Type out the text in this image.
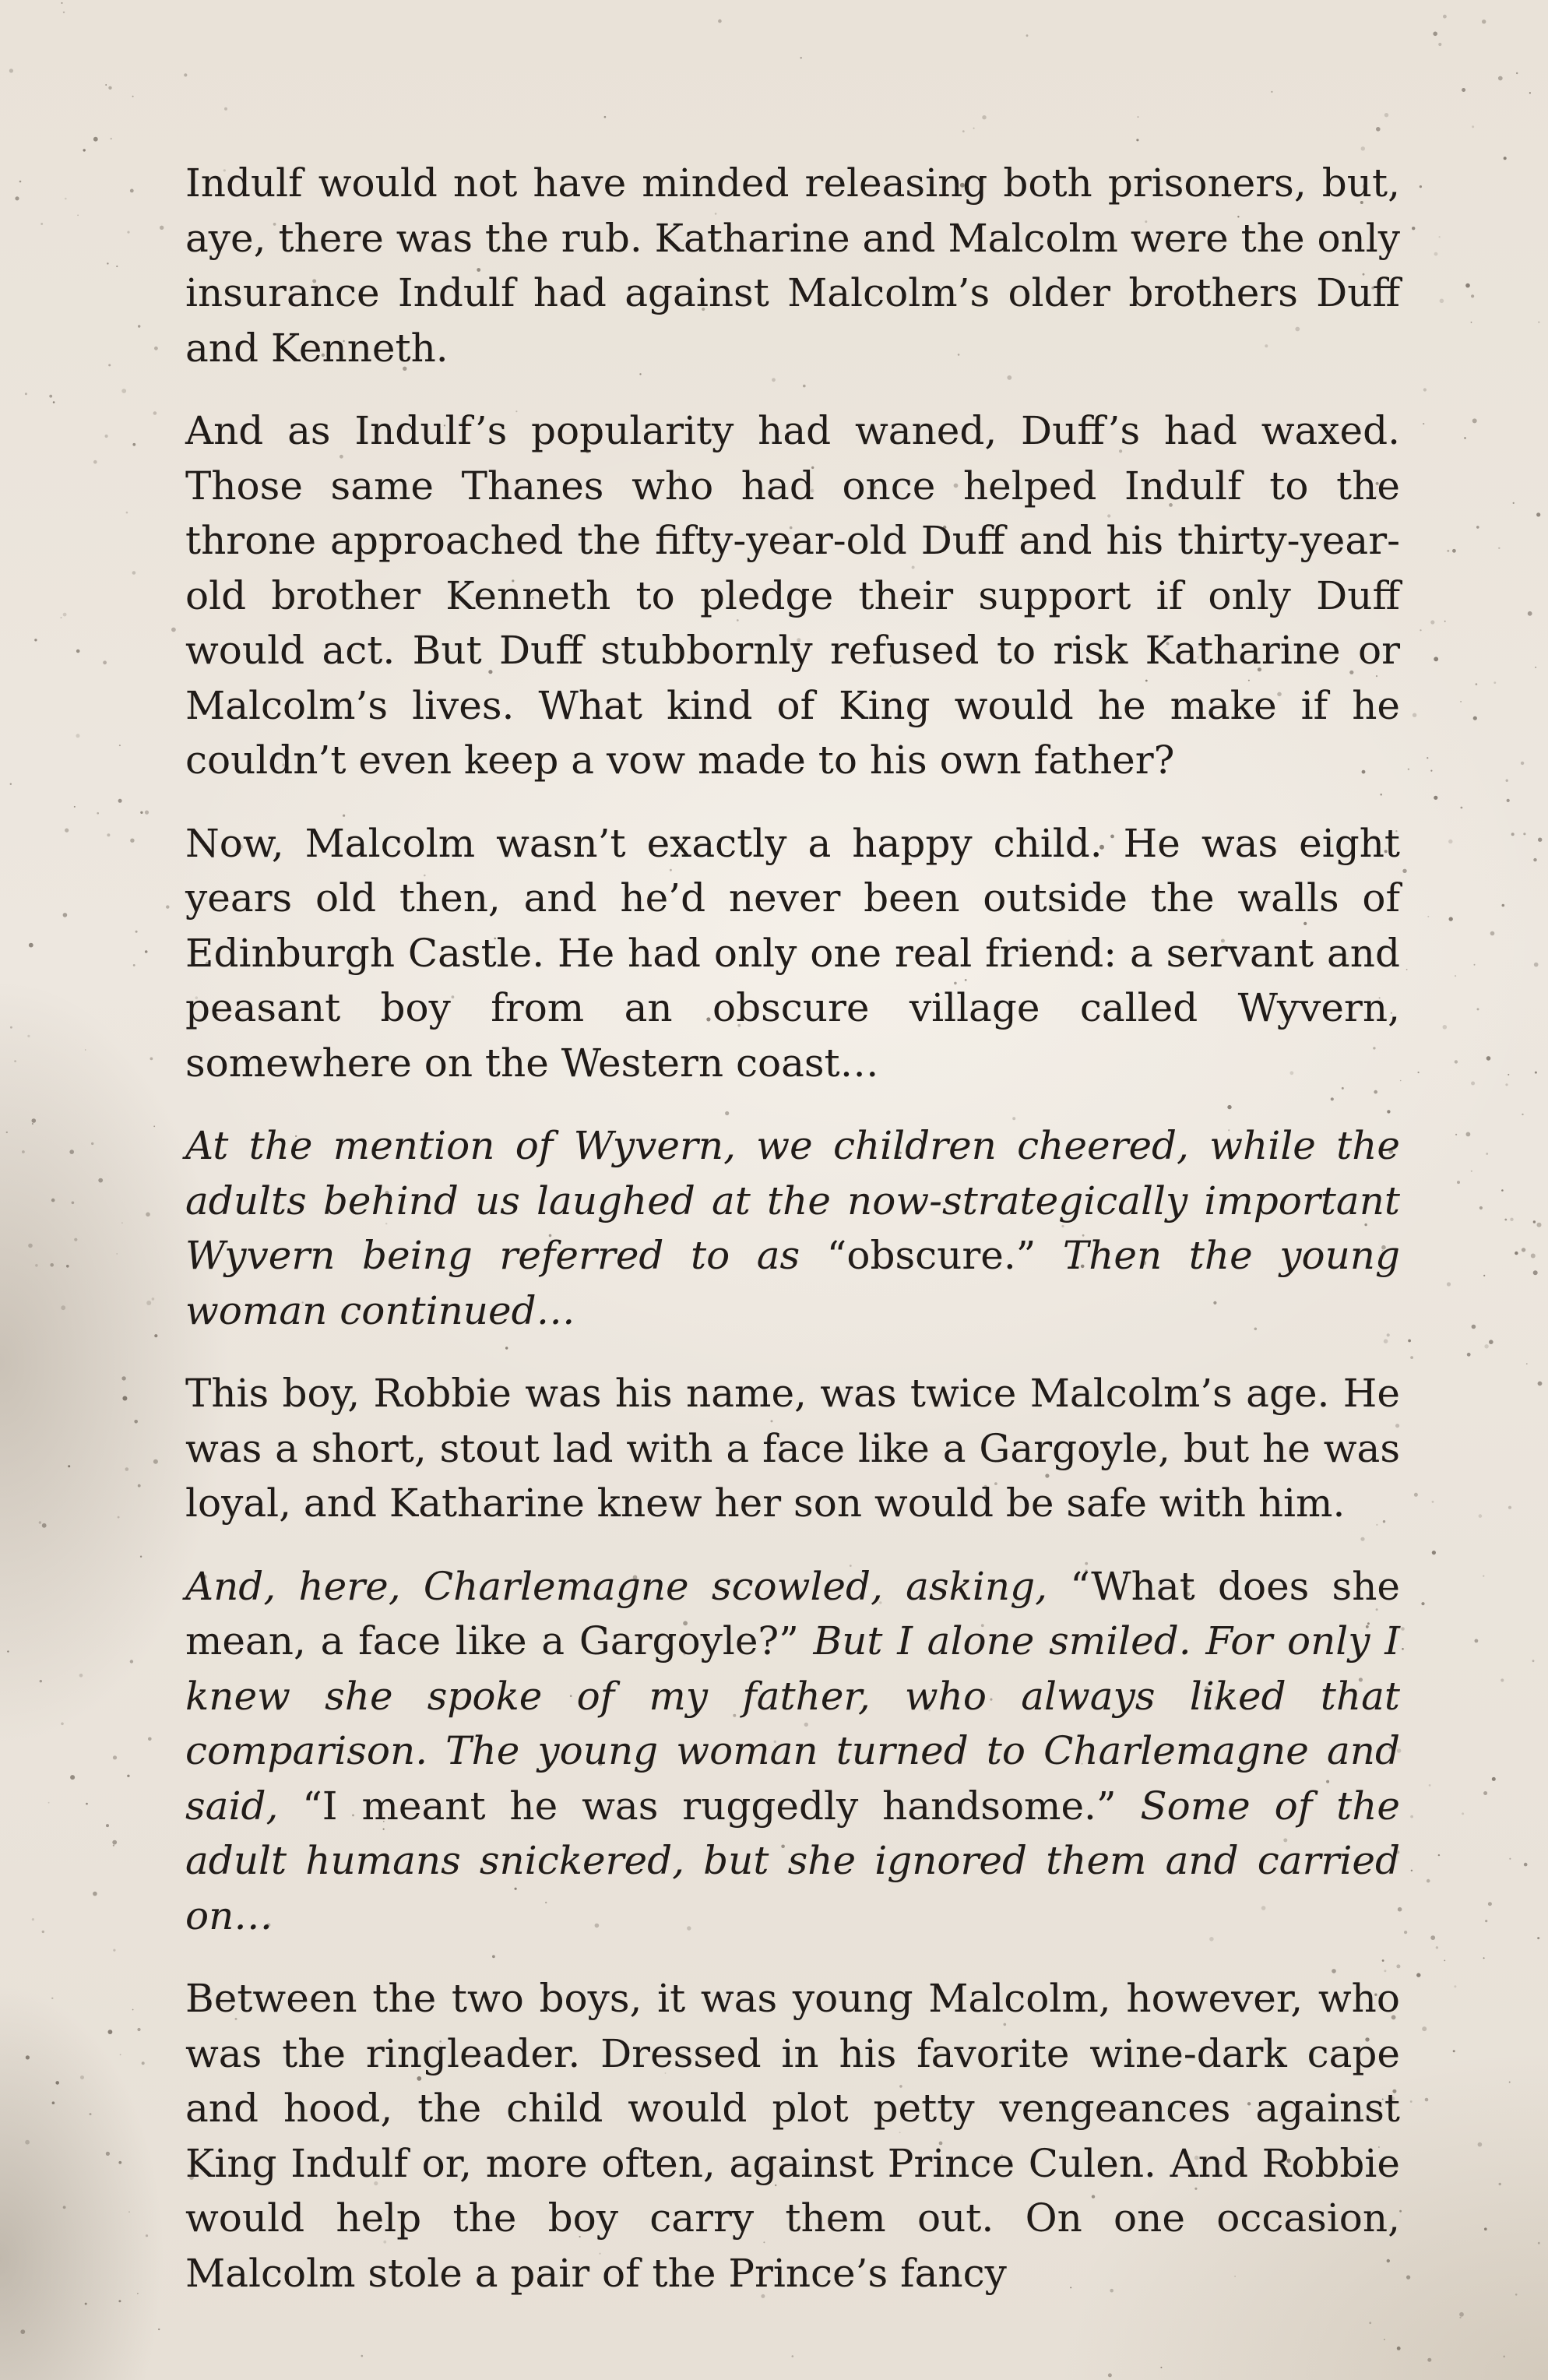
Indulf would not have minded releasing both prisoners, but, aye, there was the rub. Katharine and Malcolm were the only insurance Indulf had against Malcolm’s older brothers Duff and Kenneth.

And as Indulf’s popularity had waned, Duff’s had waxed. Those same Thanes who had once helped Indulf to the throne approached the fifty-year-old Duff and his thirty-year-old brother Kenneth to pledge their support if only Duff would act. But Duff stubbornly refused to risk Katharine or Malcolm’s lives. What kind of King would he make if he couldn’t even keep a vow made to his own father?

Now, Malcolm wasn’t exactly a happy child. He was eight years old then, and he’d never been outside the walls of Edinburgh Castle. He had only one real friend: a servant and peasant boy from an obscure village called Wyvern, somewhere on the Western coast…

At the mention of Wyvern, we children cheered, while the adults behind us laughed at the now-strategically important Wyvern being referred to as “obscure.” Then the young woman continued…

This boy, Robbie was his name, was twice Malcolm’s age. He was a short, stout lad with a face like a Gargoyle, but he was loyal, and Katharine knew her son would be safe with him.

And, here, Charlemagne scowled, asking, “What does she mean, a face like a Gargoyle?” But I alone smiled. For only I knew she spoke of my father, who always liked that comparison. The young woman turned to Charlemagne and said, “I meant he was ruggedly handsome.” Some of the adult humans snickered, but she ignored them and carried on…

Between the two boys, it was young Malcolm, however, who was the ringleader. Dressed in his favorite wine-dark cape and hood, the child would plot petty vengeances against King Indulf or, more often, against Prince Culen. And Robbie would help the boy carry them out. On one occasion, Malcolm stole a pair of the Prince’s fancy
